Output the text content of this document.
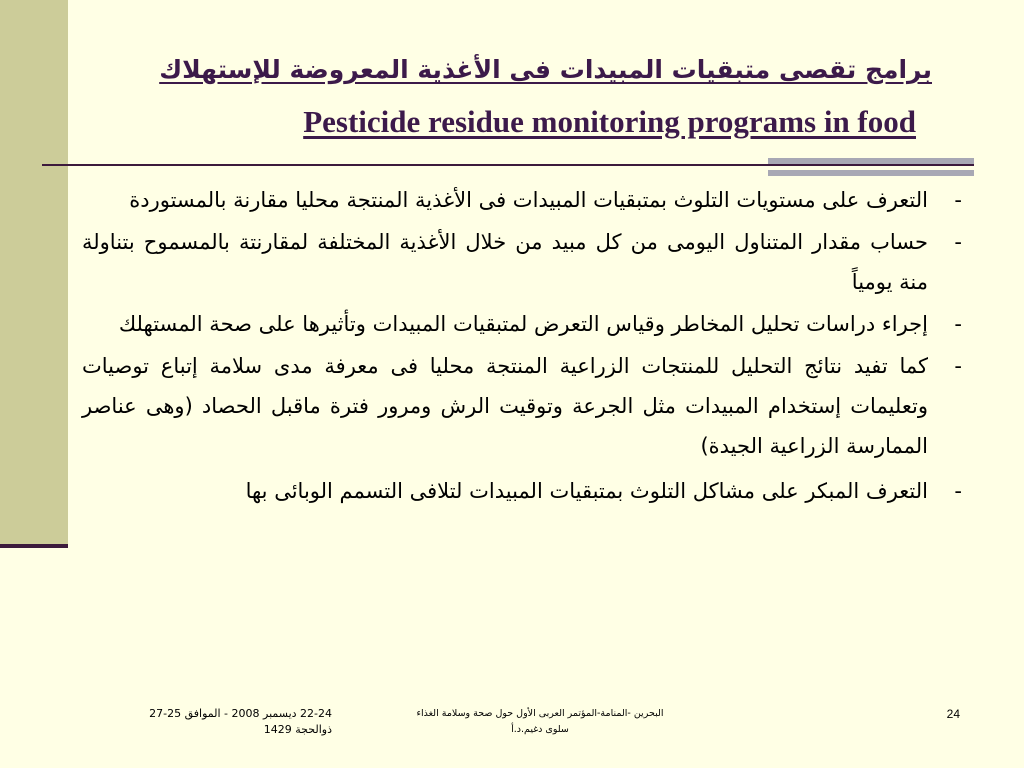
برامج تقصى متبقيات المبيدات فى الأغذية المعروضة للإستهلاك
Pesticide residue monitoring programs in food
-
التعرف على مستويات التلوث بمتبقيات المبيدات فى الأغذية المنتجة محليا مقارنة بالمستوردة
-
حساب مقدار المتناول اليومى من كل مبيد من خلال الأغذية المختلفة لمقارنتة بالمسموح بتناولة منة يومياً
-
إجراء دراسات تحليل المخاطر وقياس التعرض لمتبقيات المبيدات وتأثيرها على صحة المستهلك
-
كما تفيد نتائج التحليل للمنتجات الزراعية المنتجة محليا فى معرفة مدى سلامة إتباع توصيات وتعليمات إستخدام المبيدات مثل الجرعة وتوقيت الرش ومرور فترة ماقبل الحصاد (وهى عناصر الممارسة الزراعية الجيدة)
-
التعرف المبكر على مشاكل التلوث بمتبقيات المبيدات لتلافى التسمم الوبائى بها
22-24 ديسمبر 2008 - الموافق 25-27
ذوالحجة 1429
البحرين -المنامة-المؤتمر العربى الأول حول صحة وسلامة الغذاء
سلوى دغيم.د.أ
24
